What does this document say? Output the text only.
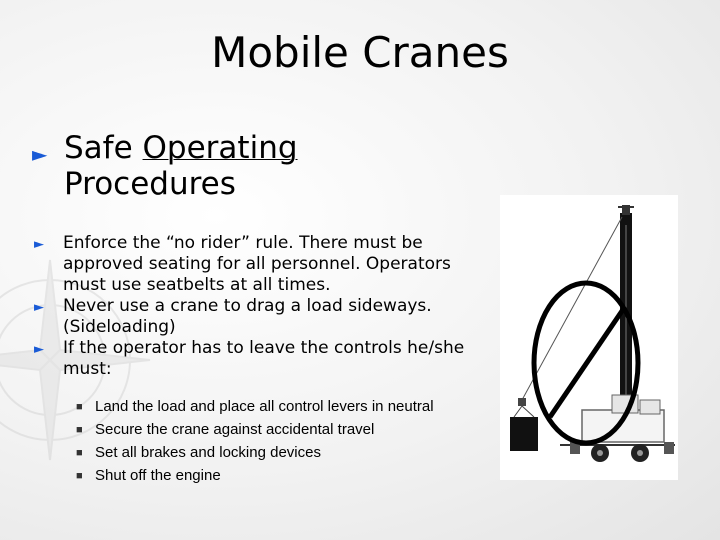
Mobile Cranes
► Safe Operating
Procedures

► Enforce the “no rider” rule. There must be approved seating for all personnel. Operators must use seatbelts at all times.

► Never use a crane to drag a load sideways. (Sideloading)

► If the operator has to leave the controls he/she must:

■ Land the load and place all control levers in neutral

■ Secure the crane against accidental travel

■ Set all brakes and locking devices

■ Shut off the engine
